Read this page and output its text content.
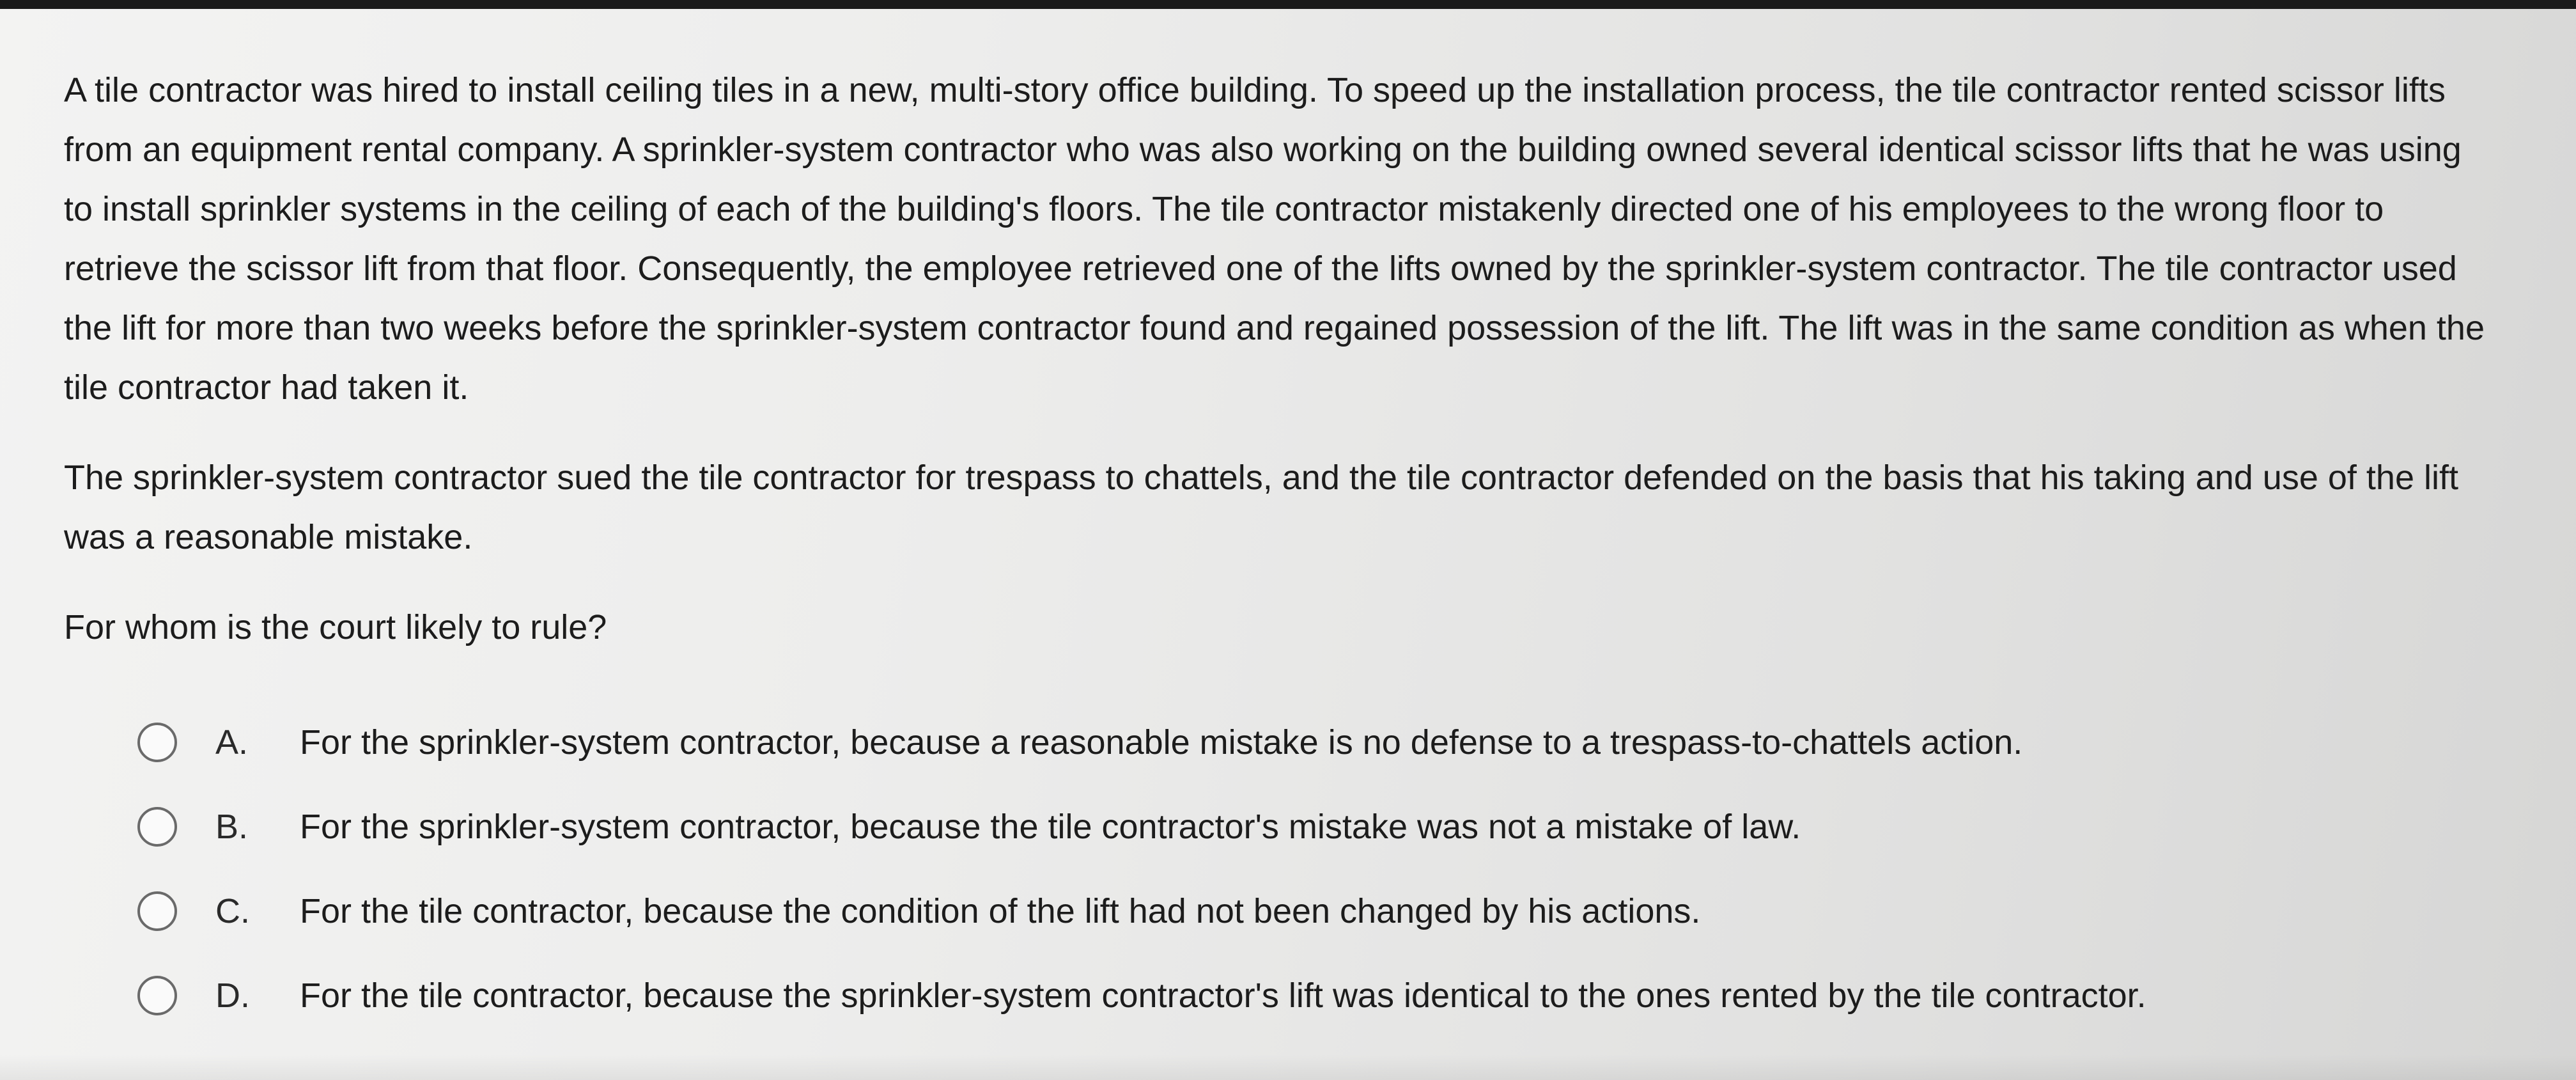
A tile contractor was hired to install ceiling tiles in a new, multi-story office building. To speed up the installation process, the tile contractor rented scissor lifts from an equipment rental company. A sprinkler-system contractor who was also working on the building owned several identical scissor lifts that he was using to install sprinkler systems in the ceiling of each of the building's floors. The tile contractor mistakenly directed one of his employees to the wrong floor to retrieve the scissor lift from that floor. Consequently, the employee retrieved one of the lifts owned by the sprinkler-system contractor. The tile contractor used the lift for more than two weeks before the sprinkler-system contractor found and regained possession of the lift. The lift was in the same condition as when the tile contractor had taken it.

The sprinkler-system contractor sued the tile contractor for trespass to chattels, and the tile contractor defended on the basis that his taking and use of the lift was a reasonable mistake.

For whom is the court likely to rule?

A.	For the sprinkler-system contractor, because a reasonable mistake is no defense to a trespass-to-chattels action.
B.	For the sprinkler-system contractor, because the tile contractor's mistake was not a mistake of law.
C.	For the tile contractor, because the condition of the lift had not been changed by his actions.
D.	For the tile contractor, because the sprinkler-system contractor's lift was identical to the ones rented by the tile contractor.
